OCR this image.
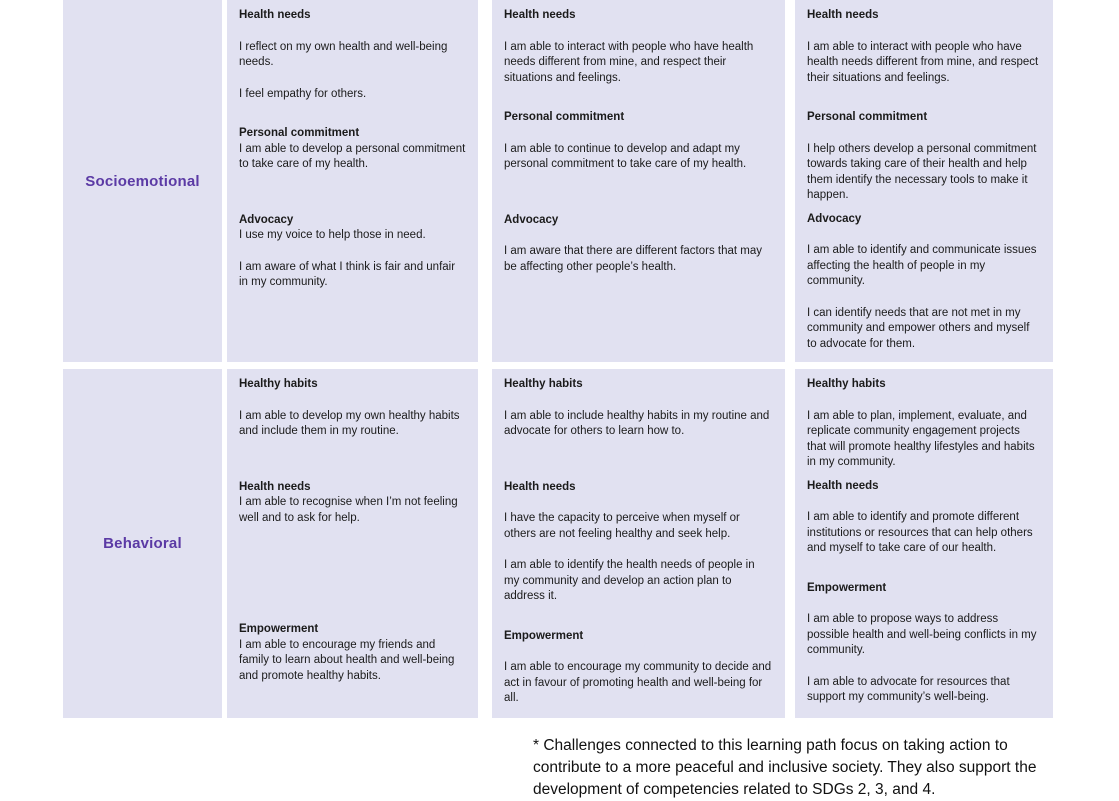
Socioemotional
Health needs
I reflect on my own health and well-being needs.
I feel empathy for others.
Personal commitment
I am able to develop a personal commitment to take care of my health.
Advocacy
I use my voice to help those in need.
I am aware of what I think is fair and unfair in my community.
Health needs
I am able to interact with people who have health needs different from mine, and respect their situations and feelings.
Personal commitment
I am able to continue to develop and adapt my personal commitment to take care of my health.
Advocacy
I am aware that there are different factors that may be affecting other people’s health.
Health needs
I am able to interact with people who have health needs different from mine, and respect their situations and feelings.
Personal commitment
I help others develop a personal commitment towards taking care of their health and help them identify the necessary tools to make it happen.
Advocacy
I am able to identify and communicate issues affecting the health of people in my community.
I can identify needs that are not met in my community and empower others and myself to advocate for them.
Behavioral
Healthy habits
I am able to develop my own healthy habits and include them in my routine.
Health needs
I am able to recognise when I’m not feeling well and to ask for help.
Empowerment
I am able to encourage my friends and family to learn about health and well-being and promote healthy habits.
Healthy habits
I am able to include healthy habits in my routine and advocate for others to learn how to.
Health needs
I have the capacity to perceive when myself or others are not feeling healthy and seek help.
I am able to identify the health needs of people in my community and develop an action plan to address it.
Empowerment
I am able to encourage my community to decide and act in favour of promoting health and well-being for all.
Healthy habits
I am able to plan, implement, evaluate, and replicate community engagement projects that will promote healthy lifestyles and habits in my community.
Health needs
I am able to identify and promote different institutions or resources that can help others and myself to take care of our health.
Empowerment
I am able to propose ways to address possible health and well-being conflicts in my community.
I am able to advocate for resources that support my community’s well-being.
* Challenges connected to this learning path focus on taking action to contribute to a more peaceful and inclusive society. They also support the development of competencies related to SDGs 2, 3, and 4.
